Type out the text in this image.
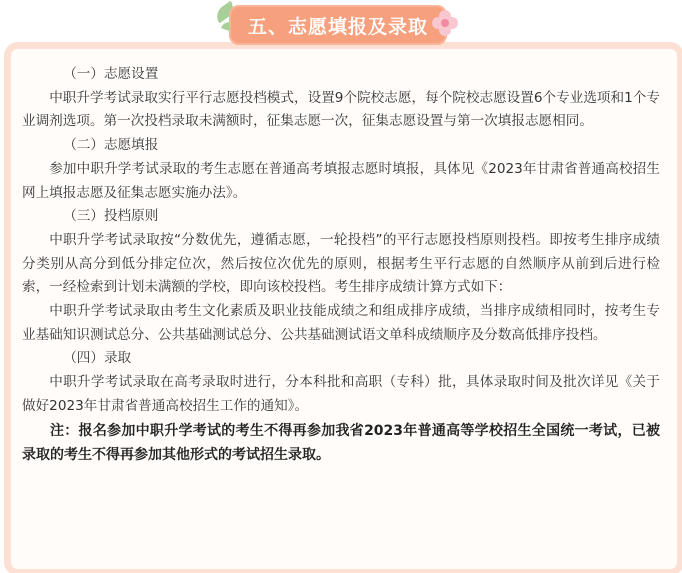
五、志愿填报及录取

（一）志愿设置

中职升学考试录取实行平行志愿投档模式，设置9个院校志愿，每个院校志愿设置6个专业选项和1个专业调剂选项。第一次投档录取未满额时，征集志愿一次，征集志愿设置与第一次填报志愿相同。

（二）志愿填报

参加中职升学考试录取的考生志愿在普通高考填报志愿时填报，具体见《2023年甘肃省普通高校招生网上填报志愿及征集志愿实施办法》。

（三）投档原则

中职升学考试录取按“分数优先，遵循志愿，一轮投档”的平行志愿投档原则投档。即按考生排序成绩分类别从高分到低分排定位次，然后按位次优先的原则，根据考生平行志愿的自然顺序从前到后进行检索，一经检索到计划未满额的学校，即向该校投档。考生排序成绩计算方式如下：

中职升学考试录取由考生文化素质及职业技能成绩之和组成排序成绩，当排序成绩相同时，按考生专业基础知识测试总分、公共基础测试总分、公共基础测试语文单科成绩顺序及分数高低排序投档。

（四）录取

中职升学考试录取在高考录取时进行，分本科批和高职（专科）批，具体录取时间及批次详见《关于做好2023年甘肃省普通高校招生工作的通知》。

注：报名参加中职升学考试的考生不得再参加我省2023年普通高等学校招生全国统一考试，已被录取的考生不得再参加其他形式的考试招生录取。
